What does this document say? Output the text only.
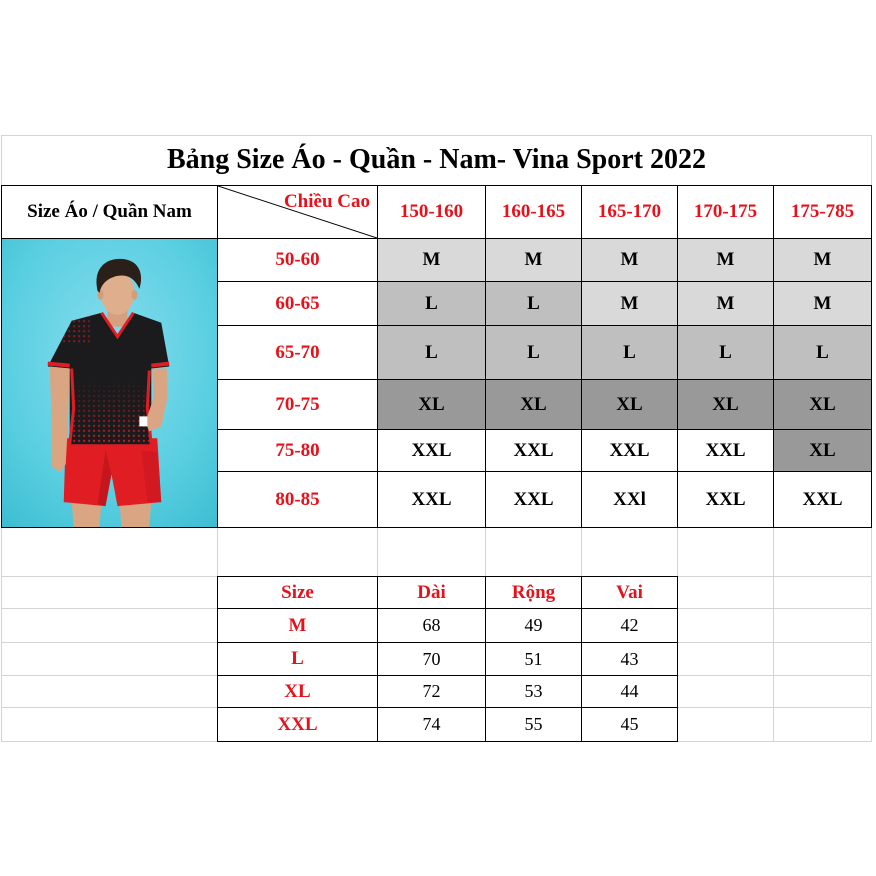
Bảng Size Áo - Quần - Nam- Vina Sport 2022
Size Áo / Quần Nam	Chiều Cao	150-160	160-165	165-170	170-175	175-785
50-60	M	M	M	M	M
60-65	L	L	M	M	M
65-70	L	L	L	L	L
70-75	XL	XL	XL	XL	XL
75-80	XXL	XXL	XXL	XXL	XL
80-85	XXL	XXL	XXl	XXL	XXL
Size	Dài	Rộng	Vai
M	68	49	42
L	70	51	43
XL	72	53	44
XXL	74	55	45
